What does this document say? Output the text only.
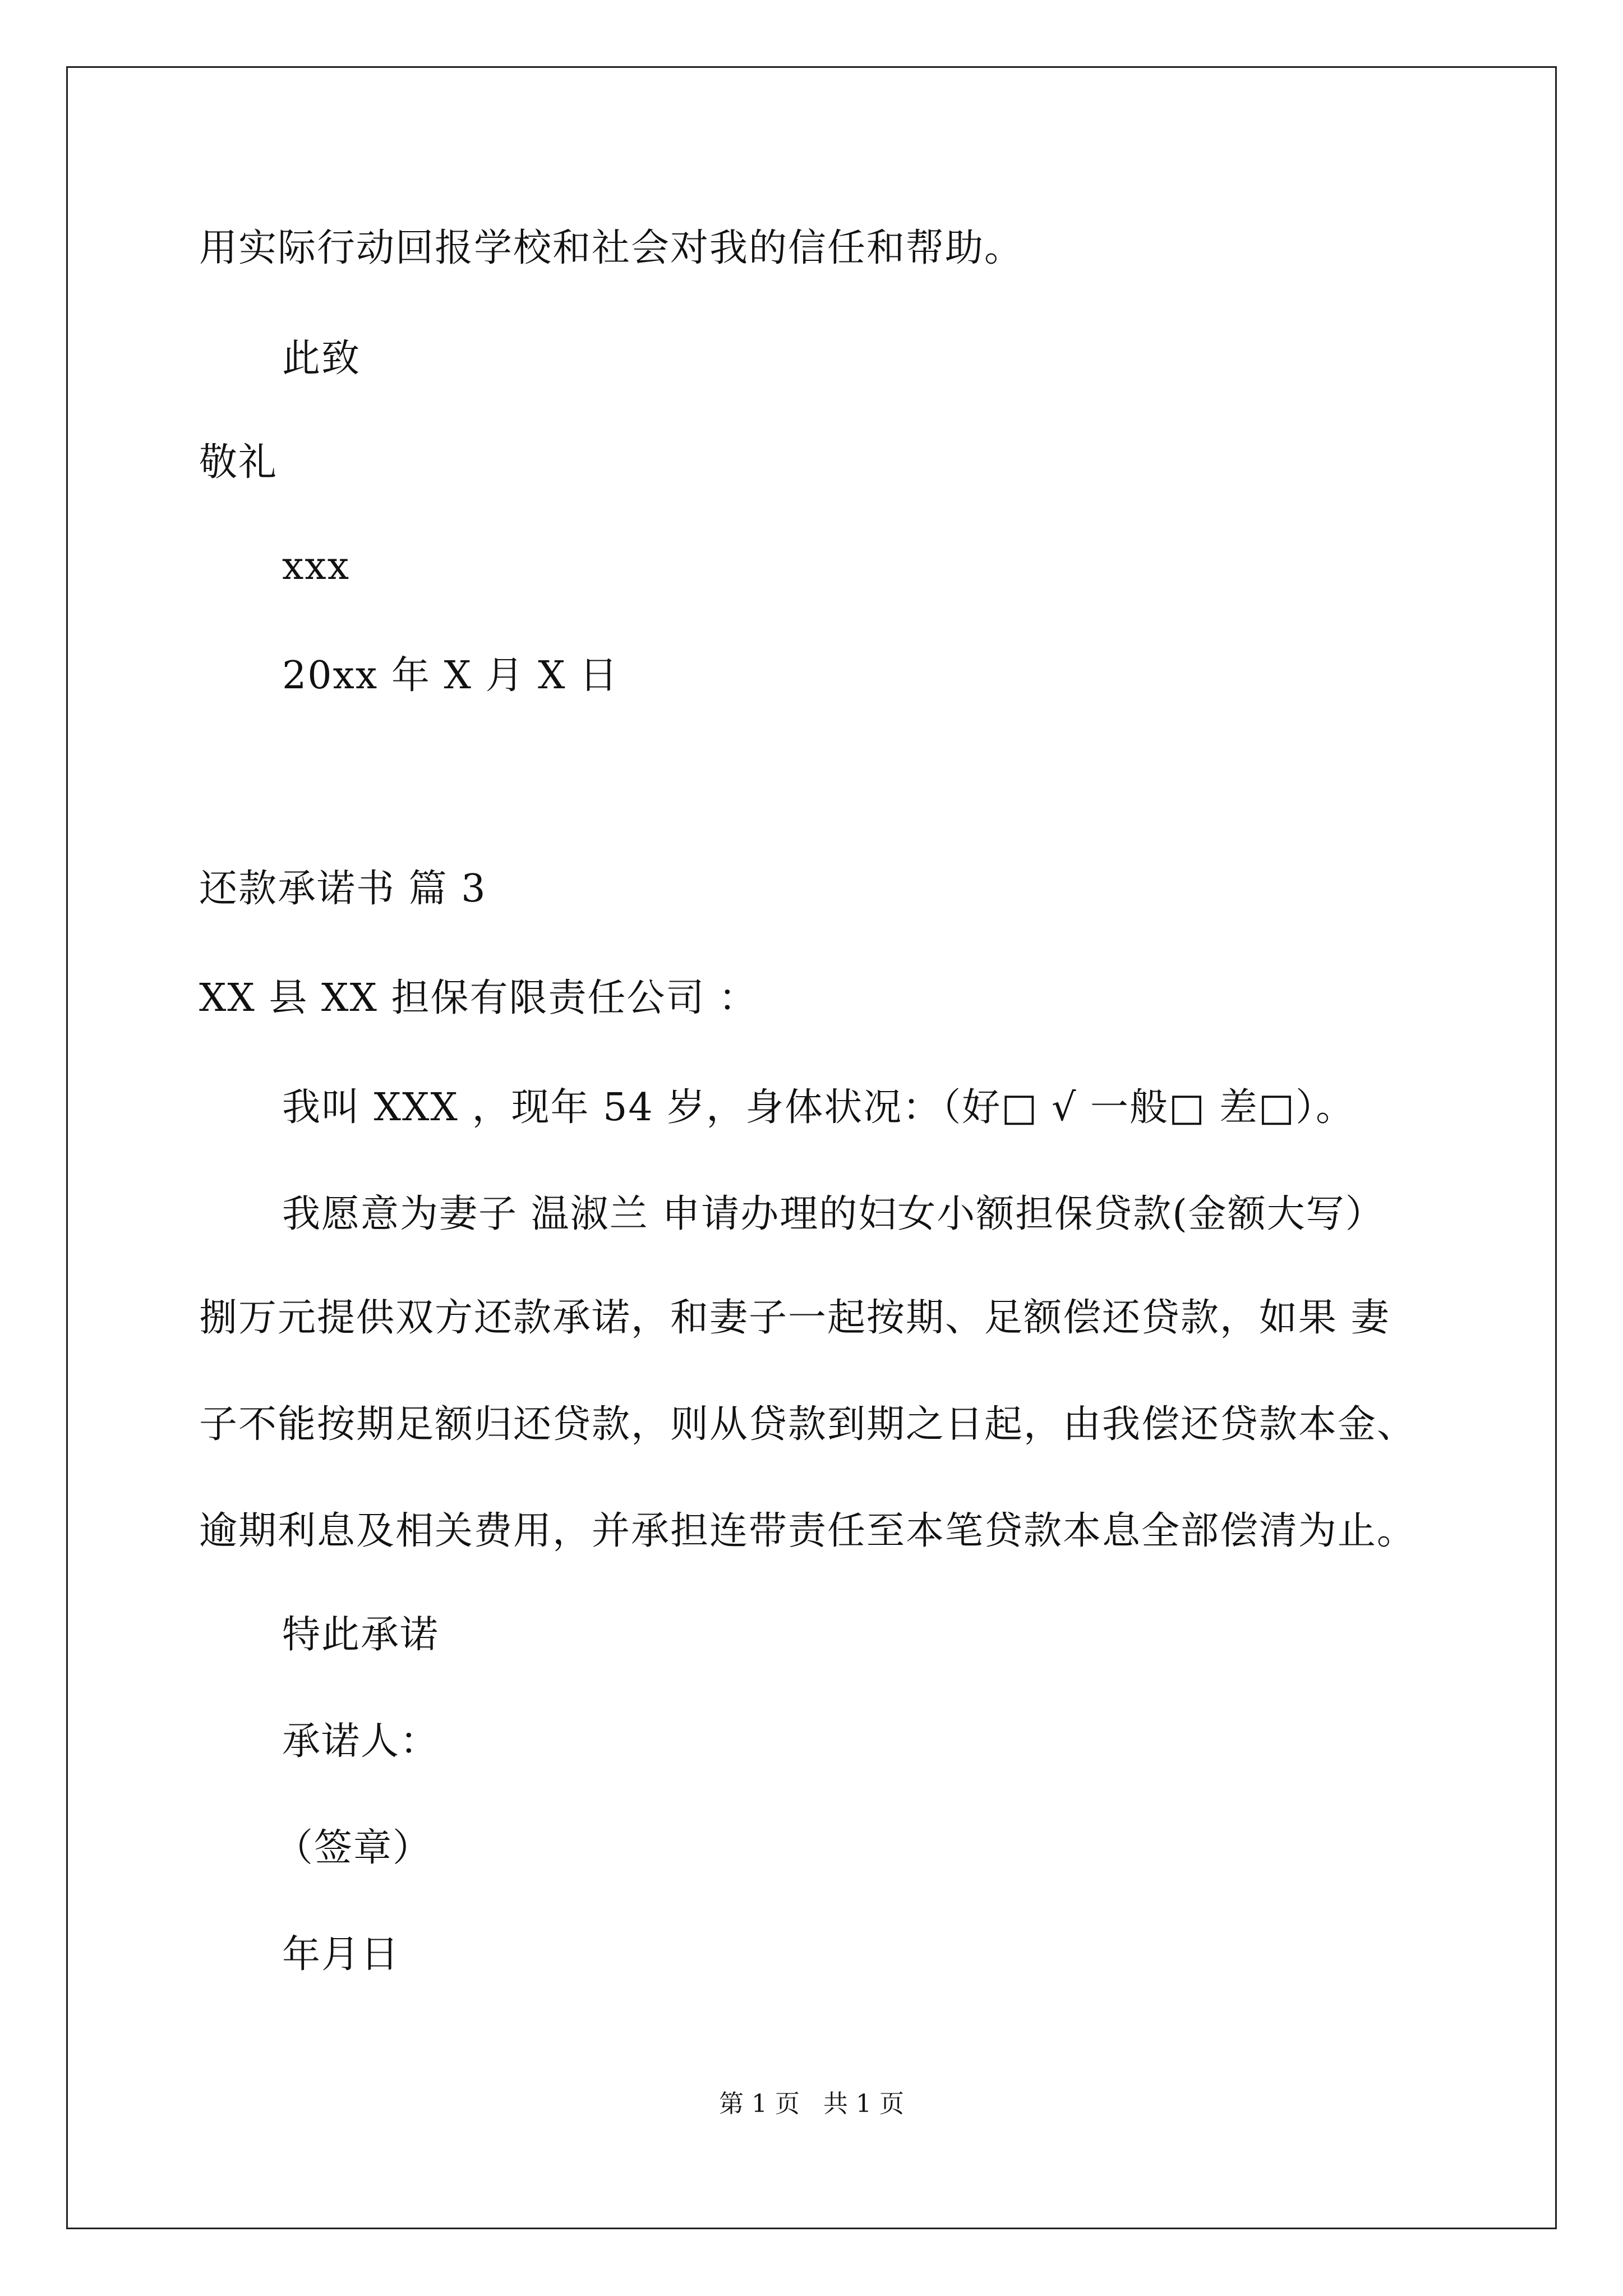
用实际行动回报学校和社会对我的信任和帮助。
此致
敬礼
xxx
20xx 年 X 月 X 日
还款承诺书 篇 3
XX 县 XX 担保有限责任公司 ：
我叫 XXX ，现年 54 岁，身体状况：（好□ √ 一般□ 差□）。
我愿意为妻子 温淑兰 申请办理的妇女小额担保贷款(金额大写）
捌万元提供双方还款承诺，和妻子一起按期、足额偿还贷款，如果 妻
子不能按期足额归还贷款，则从贷款到期之日起，由我偿还贷款本金、
逾期利息及相关费用，并承担连带责任至本笔贷款本息全部偿清为止。
特此承诺
承诺人：
（签章）
年月日
第 1 页   共 1 页
